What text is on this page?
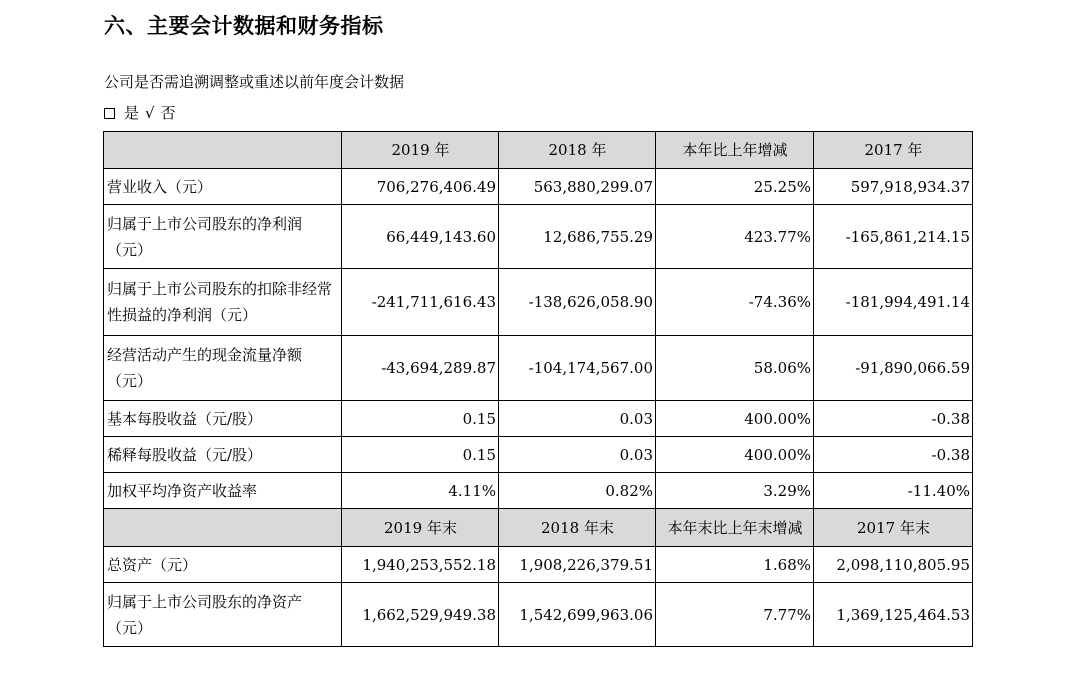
六、主要会计数据和财务指标
公司是否需追溯调整或重述以前年度会计数据
是 √ 否
	2019 年	2018 年	本年比上年增减	2017 年
营业收入（元）	706,276,406.49	563,880,299.07	25.25%	597,918,934.37
归属于上市公司股东的净利润（元）	66,449,143.60	12,686,755.29	423.77%	-165,861,214.15
归属于上市公司股东的扣除非经常性损益的净利润（元）	-241,711,616.43	-138,626,058.90	-74.36%	-181,994,491.14
经营活动产生的现金流量净额（元）	-43,694,289.87	-104,174,567.00	58.06%	-91,890,066.59
基本每股收益（元/股）	0.15	0.03	400.00%	-0.38
稀释每股收益（元/股）	0.15	0.03	400.00%	-0.38
加权平均净资产收益率	4.11%	0.82%	3.29%	-11.40%
	2019 年末	2018 年末	本年末比上年末增减	2017 年末
总资产（元）	1,940,253,552.18	1,908,226,379.51	1.68%	2,098,110,805.95
归属于上市公司股东的净资产（元）	1,662,529,949.38	1,542,699,963.06	7.77%	1,369,125,464.53
